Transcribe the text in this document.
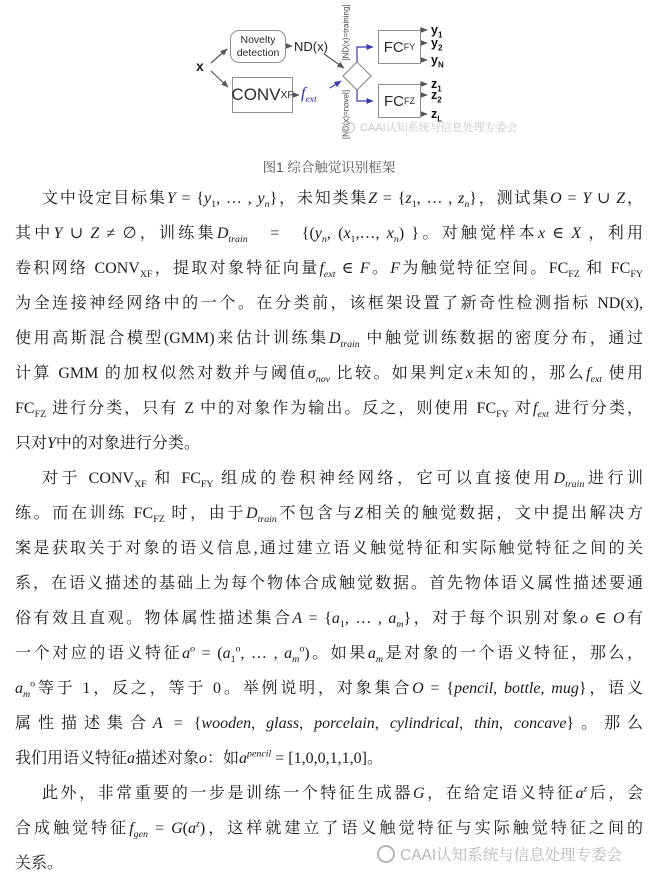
x
Novelty detection	ND(x)
CONV XF $f_{ext}$
[ND(x)=training]
[ND(x)=novel]
FC FY
FC FZ
$y_1$
$y_2$
$y_N$
$z_1$
$z_2$
$z_L$
CAAI认知系统与信息处理专委会
图1 综合触觉识别框架
文中设定目标集$Y = \{y_1$, … , $y_n$}，未知类集$Z = \{z_1$, … , $z_n$}，测试集O = Y ∪ Z，
其中Y ∪ Z ≠ ∅，训练集$D_{train}$　=　{($y_n$, ($x_1,\dots$, $x_n$) }。对触觉样本x ∈ X ，利用
卷积网络 $CONV_{XF}$，提取对象特征向量$f_{ext}$ ∈ F。F为触觉特征空间。$FC_{FZ}$ 和 $FC_{FY}$
为全连接神经网络中的一个。在分类前，该框架设置了新奇性检测指标 ND(x),
使用高斯混合模型(GMM)来估计训练集$D_{train}$ 中触觉训练数据的密度分布，通过
计算 GMM 的加权似然对数并与阈值$\sigma_{nov}$ 比较。如果判定x未知的，那么$f_{ext}$ 使用
$FC_{FZ}$ 进行分类，只有 Z 中的对象作为输出。反之，则使用 $FC_{FY}$ 对$f_{ext}$ 进行分类，
只对Y中的对象进行分类。
对于 $CONV_{XF}$ 和 $FC_{FY}$ 组成的卷积神经网络，它可以直接使用$D_{train}$进行训
练。而在训练 $FC_{FZ}$ 时，由于$D_{train}$不包含与Z相关的触觉数据，文中提出解决方
案是获取关于对象的语义信息,通过建立语义触觉特征和实际触觉特征之间的关
系，在语义描述的基础上为每个物体合成触觉数据。首先物体语义属性描述要通
俗有效且直观。物体属性描述集合$A = \{a_1$, … , $a_m$}，对于每个识别对象o ∈ O有
一个对应的语义特征$a^o = (a_1^o$, … , $a_m^o$)。如果$a_m$是对象的一个语义特征，那么，
$a_m^o$等于 1，反之，等于 0。举例说明，对象集合O = {pencil, bottle, mug}，语义
属性描述集合A = {wooden, glass, porcelain, cylindrical, thin, concave}。那么
我们用语义特征a描述对象o：如$a^{pencil} = [1,0,0,1,1,0]$。
此外，非常重要的一步是训练一个特征生成器G，在给定语义特征$a^z$后，会
合成触觉特征$f_{gen} = G(a^z)$，这样就建立了语义触觉特征与实际触觉特征之间的
关系。	CAAI认知系统与信息处理专委会
